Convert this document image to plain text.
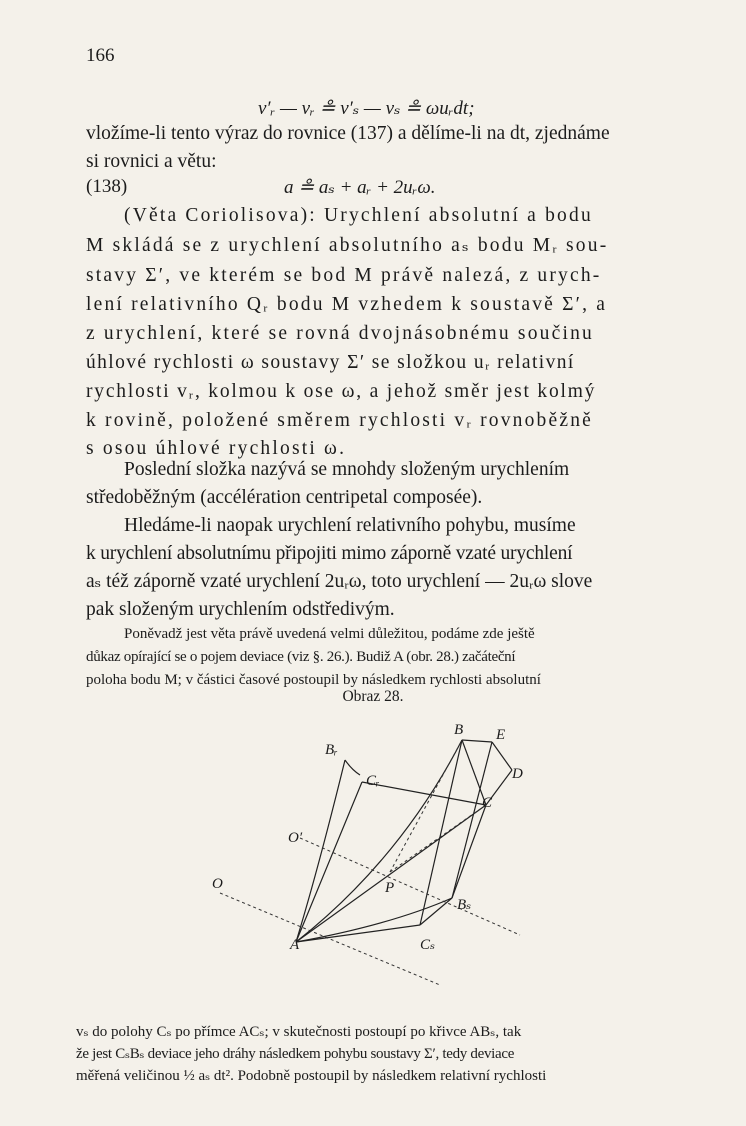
166
v′ᵣ — vᵣ ≗ v′ₛ — vₛ ≗ ωuᵣdt;
vložíme-li tento výraz do rovnice (137) a dělíme-li na dt, zjednáme
si rovnici a větu:
(138)	a ≗ aₛ + aᵣ + 2uᵣω.
(Věta Coriolisova): Urychlení absolutní a bodu
M skládá se z urychlení absolutního aₛ bodu Mᵣ sou-
stavy Σ′, ve kterém se bod M právě nalezá, z urych-
lení relativního Qᵣ bodu M vzhedem k soustavě Σ′, a
z urychlení, které se rovná dvojnásobnému součinu
úhlové rychlosti ω soustavy Σ′ se složkou uᵣ relativní
rychlosti vᵣ, kolmou k ose ω, a jehož směr jest kolmý
k rovině, položené směrem rychlosti vᵣ rovnoběžně
s osou úhlové rychlosti ω.
Poslední složka nazývá se mnohdy složeným urychlením
středoběžným (accélération centripetal composée).
Hledáme-li naopak urychlení relativního pohybu, musíme
k urychlení absolutnímu připojiti mimo záporně vzaté urychlení
aₛ též záporně vzaté urychlení 2uᵣω, toto urychlení — 2uᵣω slove
pak složeným urychlením odstředivým.
Poněvadž jest věta právě uvedená velmi důležitou, podáme zde ještě
důkaz opírající se o pojem deviace (viz §. 26.). Budiž A (obr. 28.) začáteční
poloha bodu M; v částici časové postoupil by následkem rychlosti absolutní
Obraz 28.
B E
Bᵣ
D
Cᵣ
C
O′
P
O
Bₛ
A	Cₛ
vₛ do polohy Cₛ po přímce ACₛ; v skutečnosti postoupí po křivce ABₛ, tak
že jest CₛBₛ deviace jeho dráhy následkem pohybu soustavy Σ′, tedy deviace
měřená veličinou ½ aₛ dt². Podobně postoupil by následkem relativní rychlosti
